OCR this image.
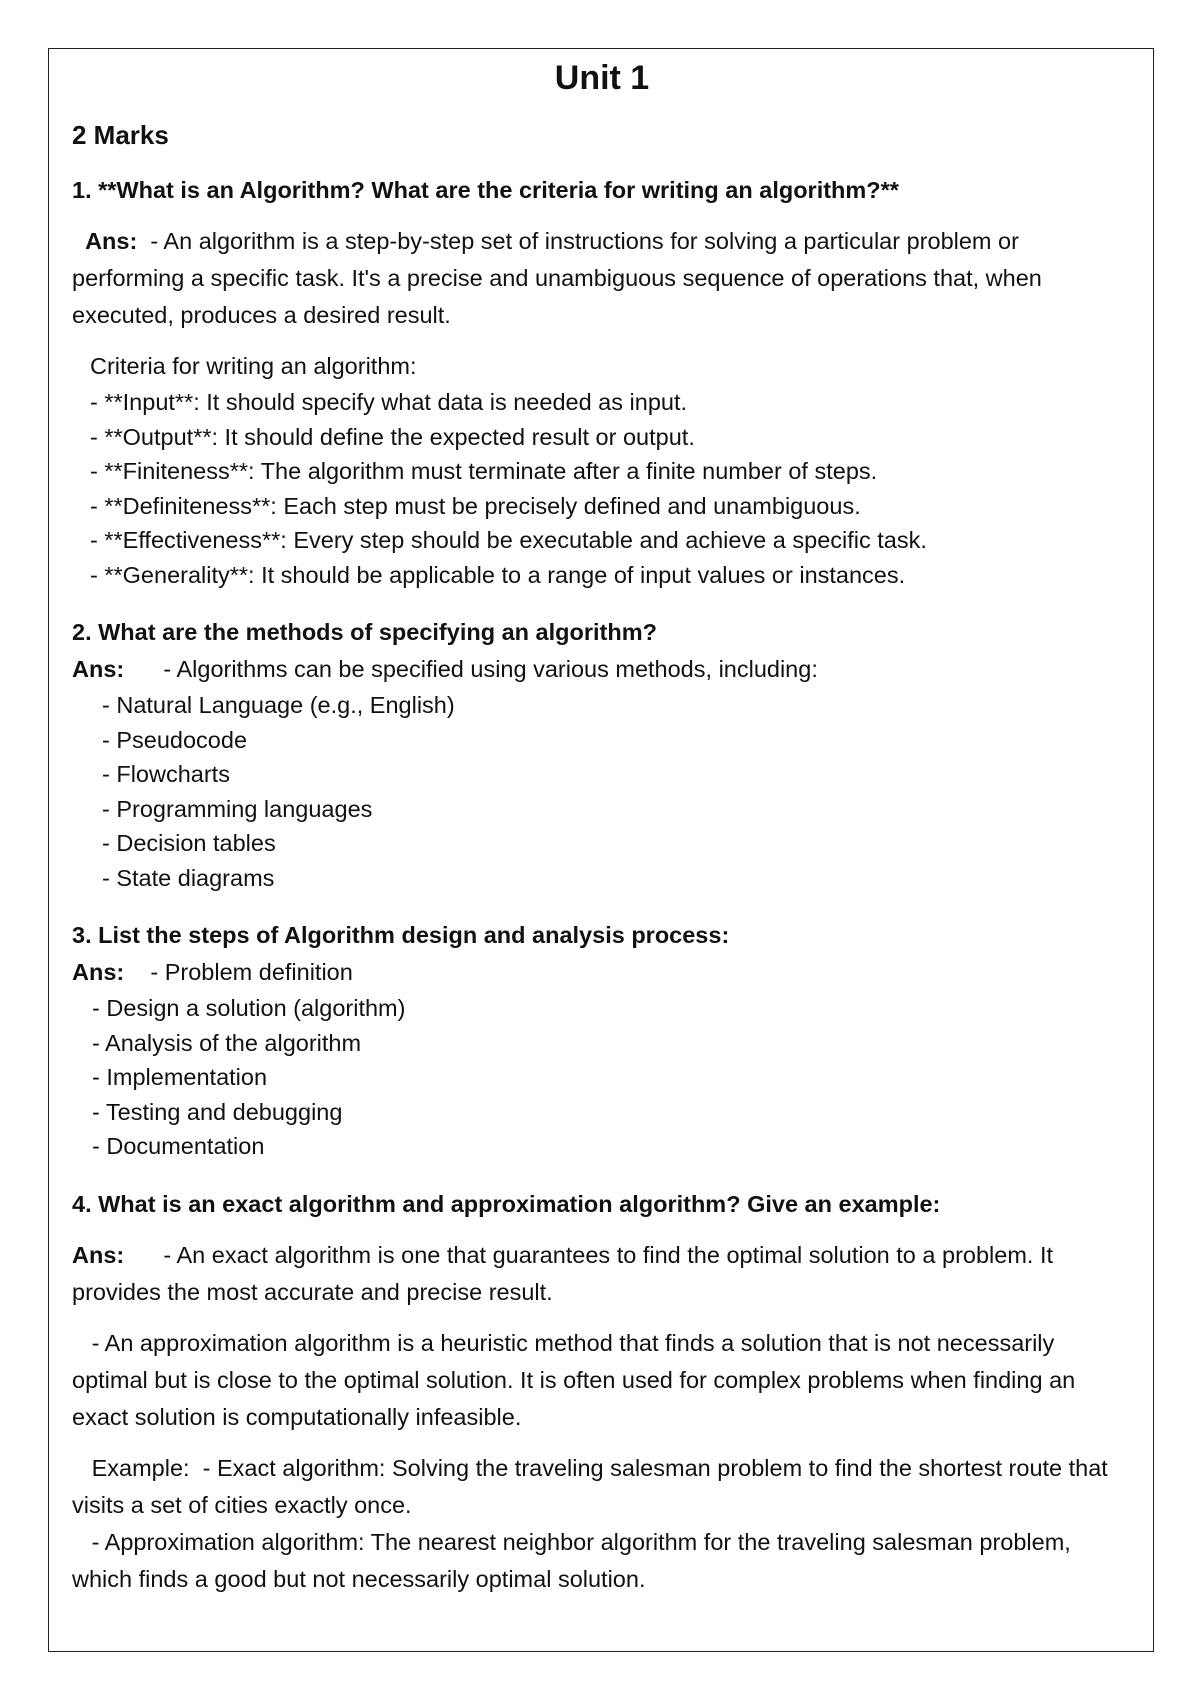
Unit 1
2 Marks
1. **What is an Algorithm? What are the criteria for writing an algorithm?**

Ans: - An algorithm is a step-by-step set of instructions for solving a particular problem or performing a specific task. It's a precise and unambiguous sequence of operations that, when executed, produces a desired result.

Criteria for writing an algorithm:
- **Input**: It should specify what data is needed as input.
- **Output**: It should define the expected result or output.
- **Finiteness**: The algorithm must terminate after a finite number of steps.
- **Definiteness**: Each step must be precisely defined and unambiguous.
- **Effectiveness**: Every step should be executable and achieve a specific task.
- **Generality**: It should be applicable to a range of input values or instances.
2. What are the methods of specifying an algorithm?

Ans: - Algorithms can be specified using various methods, including:

- Natural Language (e.g., English)
- Pseudocode
- Flowcharts
- Programming languages
- Decision tables
- State diagrams
3. List the steps of Algorithm design and analysis process:

Ans: - Problem definition

- Design a solution (algorithm)
- Analysis of the algorithm
- Implementation
- Testing and debugging
- Documentation
4. What is an exact algorithm and approximation algorithm? Give an example:

Ans: - An exact algorithm is one that guarantees to find the optimal solution to a problem. It provides the most accurate and precise result.

- An approximation algorithm is a heuristic method that finds a solution that is not necessarily optimal but is close to the optimal solution. It is often used for complex problems when finding an exact solution is computationally infeasible.

Example: - Exact algorithm: Solving the traveling salesman problem to find the shortest route that visits a set of cities exactly once.

- Approximation algorithm: The nearest neighbor algorithm for the traveling salesman problem, which finds a good but not necessarily optimal solution.
